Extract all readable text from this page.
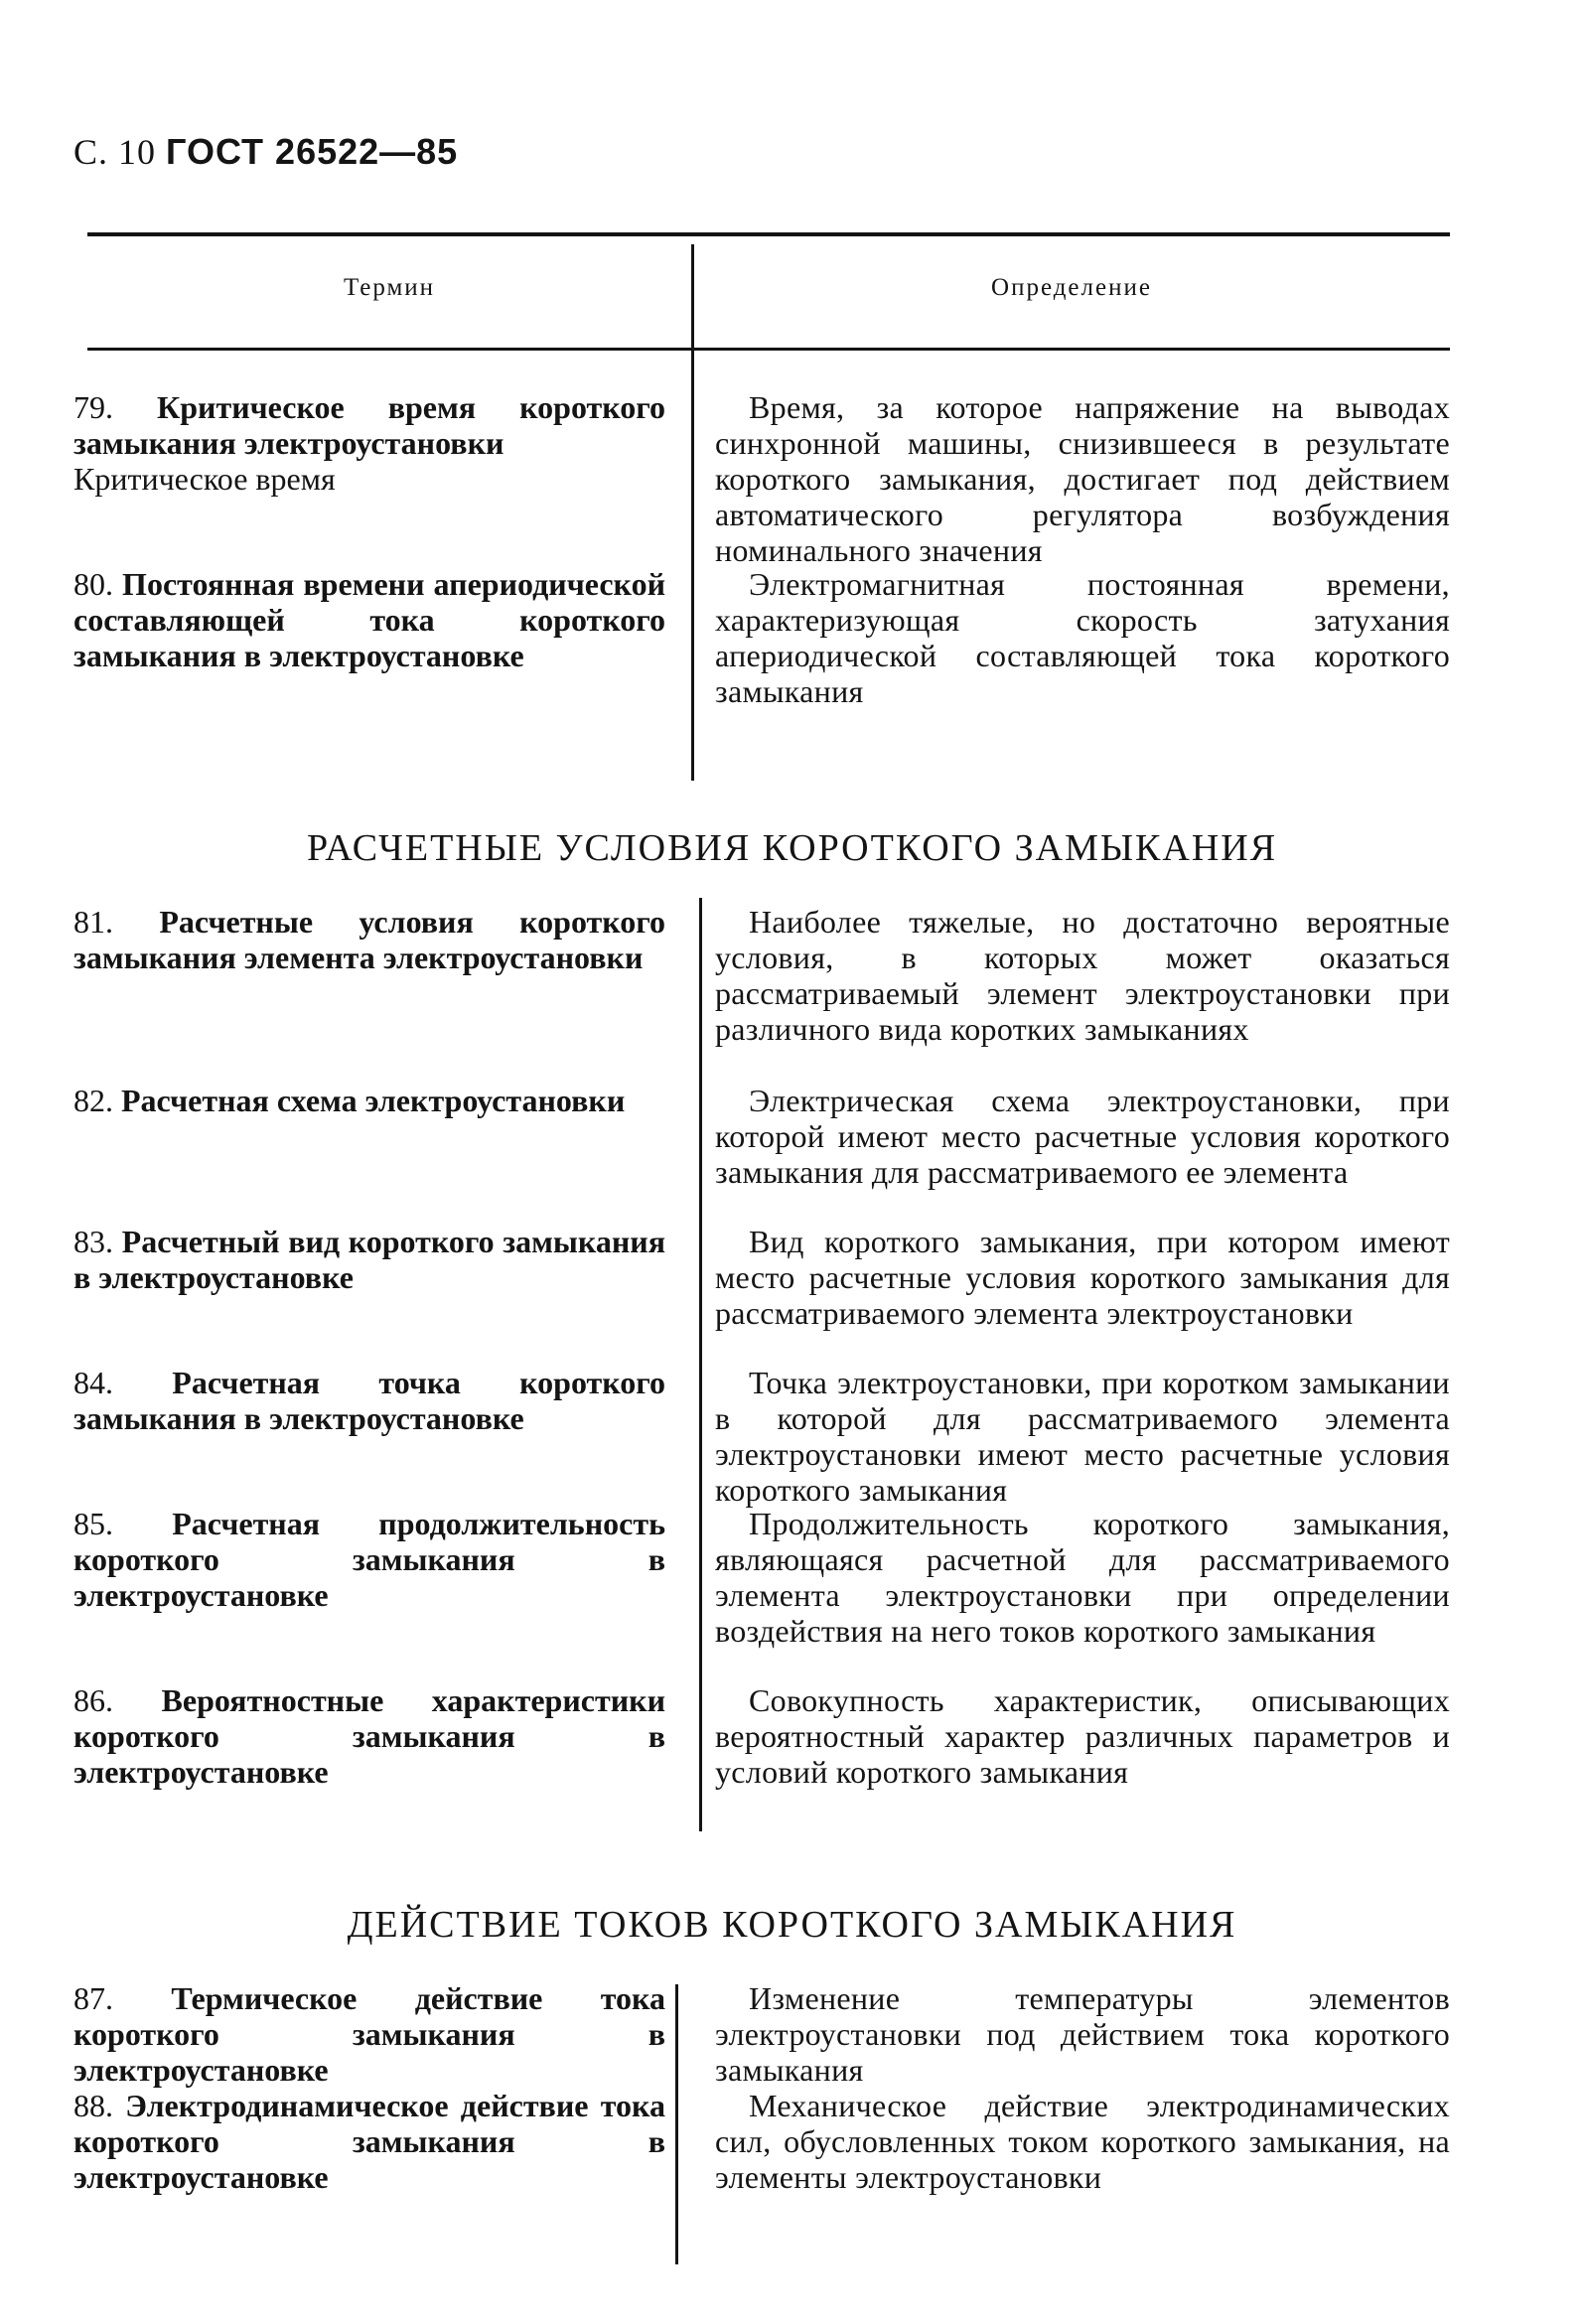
С. 10 ГОСТ 26522—85
Термин	Определение
79. Критическое время короткого замыкания электроустановки
Критическое время
Время, за которое напряжение на выводах синхронной машины, снизившееся в результате короткого замыкания, достигает под действием автоматического регулятора возбуждения номинального значения
80. Постоянная времени апериодической составляющей тока короткого замыкания в электроустановке
Электромагнитная постоянная времени, характеризующая скорость затухания апериодической составляющей тока короткого замыкания
РАСЧЕТНЫЕ УСЛОВИЯ КОРОТКОГО ЗАМЫКАНИЯ
81. Расчетные условия короткого замыкания элемента электроустановки
Наиболее тяжелые, но достаточно вероятные условия, в которых может оказаться рассматриваемый элемент электроустановки при различного вида коротких замыканиях
82. Расчетная схема электроустановки	Электрическая схема электроустановки, при которой имеют место расчетные условия короткого замыкания для рассматриваемого ее элемента
83. Расчетный вид короткого замыкания в электроустановке
Вид короткого замыкания, при котором имеют место расчетные условия короткого замыкания для рассматриваемого элемента электроустановки
84. Расчетная точка короткого замыкания в электроустановке
Точка электроустановки, при коротком замыкании в которой для рассматриваемого элемента электроустановки имеют место расчетные условия короткого замыкания
85. Расчетная продолжительность короткого замыкания в электроустановке
Продолжительность короткого замыкания, являющаяся расчетной для рассматриваемого элемента электроустановки при определении воздействия на него токов короткого замыкания
86. Вероятностные характеристики короткого замыкания в электроустановке
Совокупность характеристик, описывающих вероятностный характер различных параметров и условий короткого замыкания
ДЕЙСТВИЕ ТОКОВ КОРОТКОГО ЗАМЫКАНИЯ
87. Термическое действие тока короткого замыкания в электроустановке
Изменение температуры элементов электроустановки под действием тока короткого замыкания
88. Электродинамическое действие тока короткого замыкания в электроустановке
Механическое действие электродинамических сил, обусловленных током короткого замыкания, на элементы электроустановки
